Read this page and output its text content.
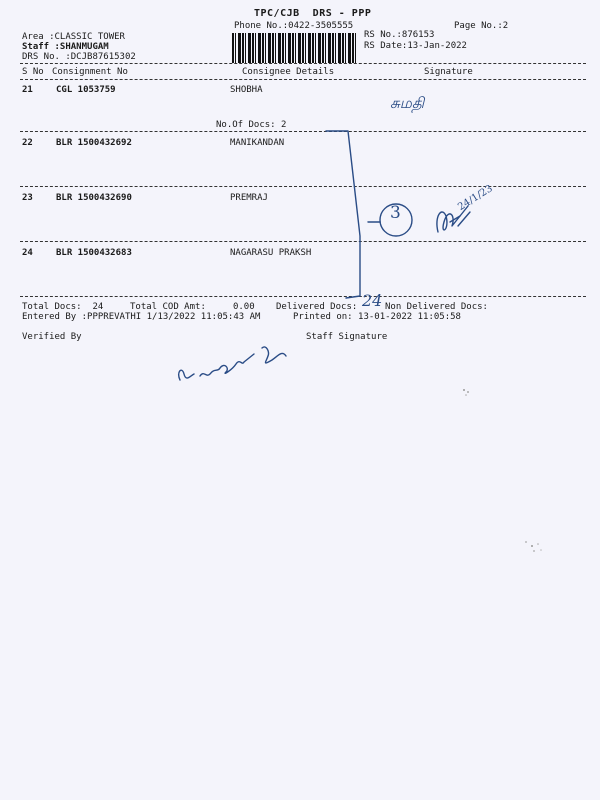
TPC/CJB  DRS - PPP
Phone No.:0422-3505555	Page No.:2
Area :CLASSIC TOWER
Staff :SHANMUGAM
DRS No. :DCJB87615302
RS No.:876153
RS Date:13-Jan-2022
S No Consignment No	Consignee Details	Signature
21	CGL 1053759	SHOBHA
No.Of Docs: 2
22	BLR 1500432692	MANIKANDAN
23	BLR 1500432690	PREMRAJ
24	BLR 1500432683	NAGARASU PRAKSH
Total Docs:  24	Total COD Amt:     0.00 Delivered Docs:	Non Delivered Docs:
Entered By :PPPREVATHI 1/13/2022 11:05:43 AM	Printed on: 13-01-2022 11:05:58
Verified By	Staff Signature
சுமதி
24
3	24/1/23
